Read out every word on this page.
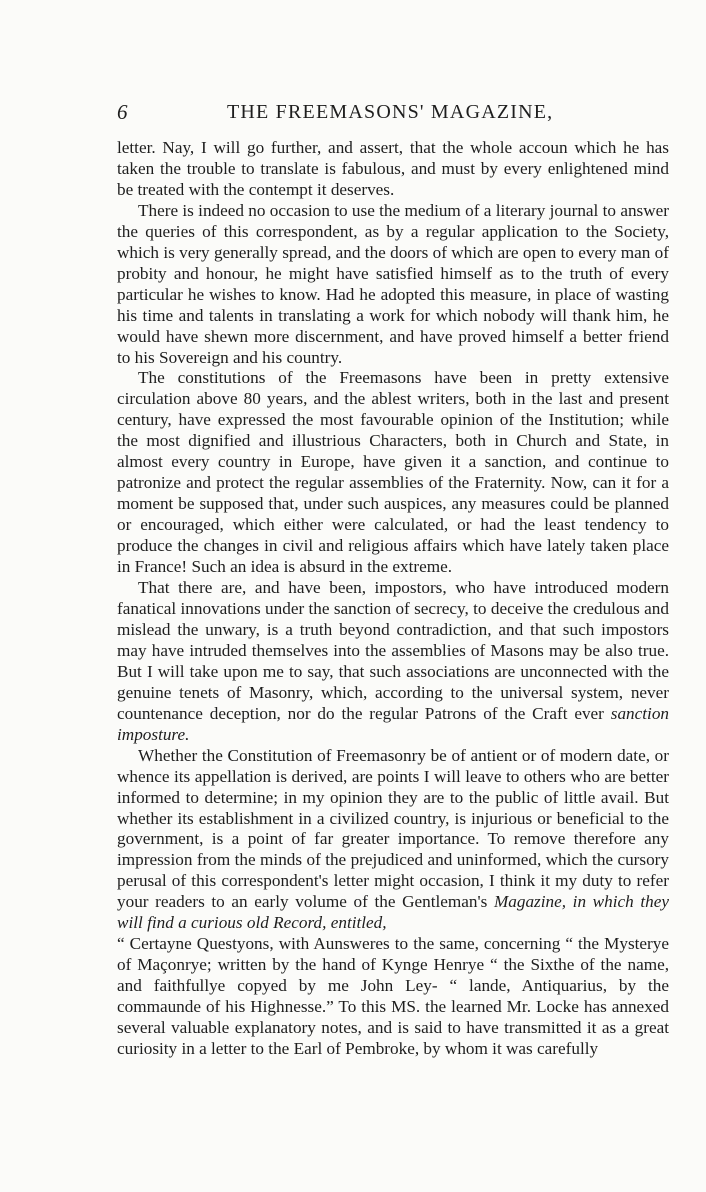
6	THE FREEMASONS' MAGAZINE,

letter. Nay, I will go further, and assert, that the whole accoun which he has taken the trouble to translate is fabulous, and must by every enlightened mind be treated with the contempt it deserves.

There is indeed no occasion to use the medium of a literary journal to answer the queries of this correspondent, as by a regular application to the Society, which is very generally spread, and the doors of which are open to every man of probity and honour, he might have satisfied himself as to the truth of every particular he wishes to know. Had he adopted this measure, in place of wasting his time and talents in translating a work for which nobody will thank him, he would have shewn more discernment, and have proved himself a better friend to his Sovereign and his country.

The constitutions of the Freemasons have been in pretty extensive circulation above 80 years, and the ablest writers, both in the last and present century, have expressed the most favourable opinion of the Institution; while the most dignified and illustrious Characters, both in Church and State, in almost every country in Europe, have given it a sanction, and continue to patronize and protect the regular assemblies of the Fraternity. Now, can it for a moment be supposed that, under such auspices, any measures could be planned or encouraged, which either were calculated, or had the least tendency to produce the changes in civil and religious affairs which have lately taken place in France! Such an idea is absurd in the extreme.

That there are, and have been, impostors, who have introduced modern fanatical innovations under the sanction of secrecy, to deceive the credulous and mislead the unwary, is a truth beyond contradiction, and that such impostors may have intruded themselves into the assemblies of Masons may be also true. But I will take upon me to say, that such associations are unconnected with the genuine tenets of Masonry, which, according to the universal system, never countenance deception, nor do the regular Patrons of the Craft ever sanction imposture.

Whether the Constitution of Freemasonry be of antient or of modern date, or whence its appellation is derived, are points I will leave to others who are better informed to determine; in my opinion they are to the public of little avail. But whether its establishment in a civilized country, is injurious or beneficial to the government, is a point of far greater importance. To remove therefore any impression from the minds of the prejudiced and uninformed, which the cursory perusal of this correspondent's letter might occasion, I think it my duty to refer your readers to an early volume of the Gentleman's Magazine, in which they will find a curious old Record, entitled,

“ Certayne Questyons, with Aunsweres to the same, concerning “ the Mysterye of Maçonrye; written by the hand of Kynge Henrye “ the Sixthe of the name, and faithfullye copyed by me John Ley- “ lande, Antiquarius, by the commaunde of his Highnesse.” To this MS. the learned Mr. Locke has annexed several valuable explanatory notes, and is said to have transmitted it as a great curiosity in a letter to the Earl of Pembroke, by whom it was carefully
